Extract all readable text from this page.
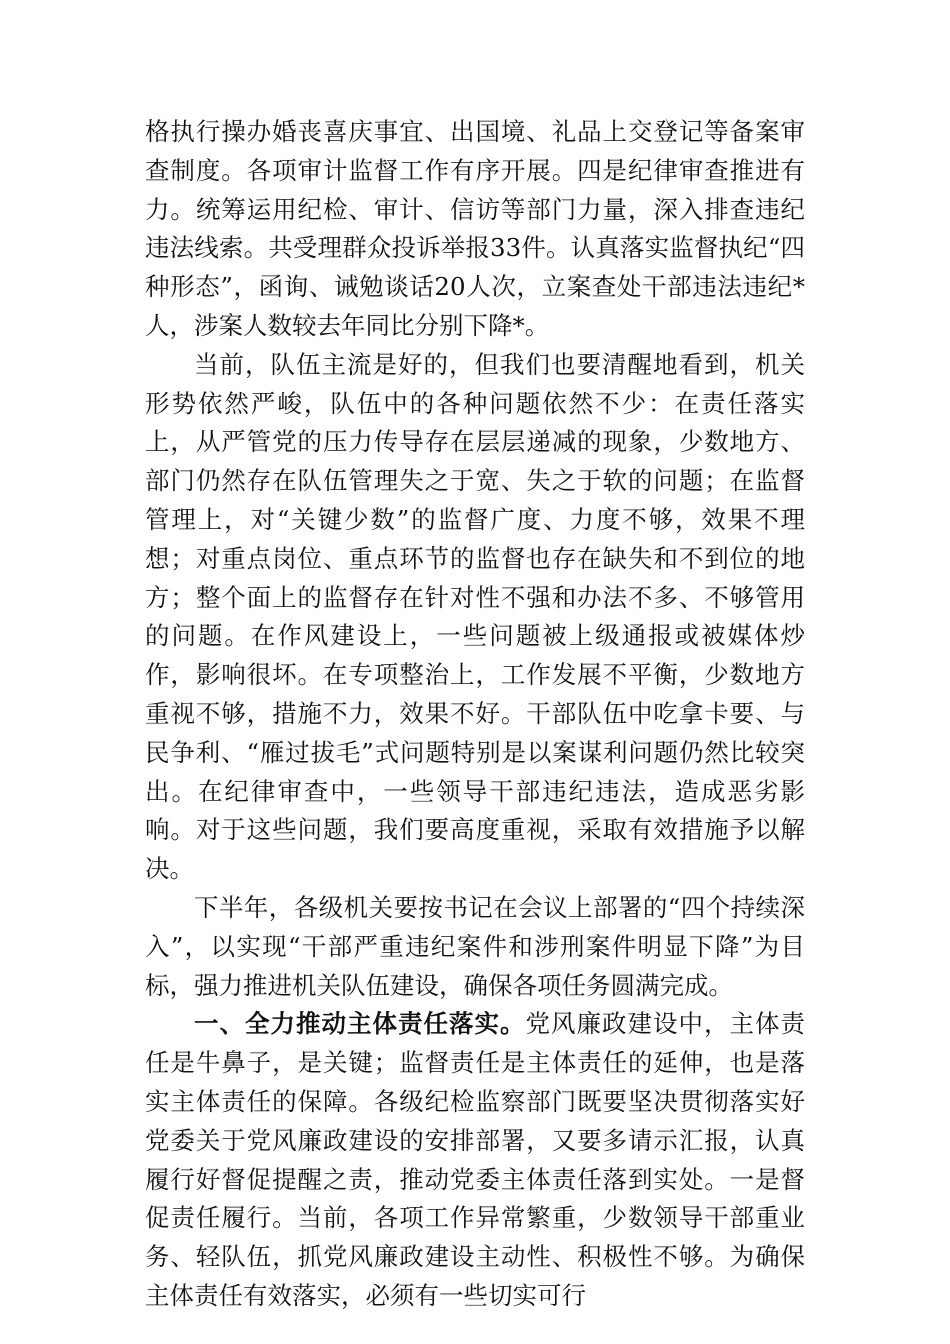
格执行操办婚丧喜庆事宜、出国境、礼品上交登记等备案审查制度。各项审计监督工作有序开展。四是纪律审查推进有力。统筹运用纪检、审计、信访等部门力量，深入排查违纪违法线索。共受理群众投诉举报33件。认真落实监督执纪“四种形态”，函询、诫勉谈话20人次，立案查处干部违法违纪*人，涉案人数较去年同比分别下降*。

当前，队伍主流是好的，但我们也要清醒地看到，机关形势依然严峻，队伍中的各种问题依然不少：在责任落实上，从严管党的压力传导存在层层递减的现象，少数地方、部门仍然存在队伍管理失之于宽、失之于软的问题；在监督管理上，对“关键少数”的监督广度、力度不够，效果不理想；对重点岗位、重点环节的监督也存在缺失和不到位的地方；整个面上的监督存在针对性不强和办法不多、不够管用的问题。在作风建设上，一些问题被上级通报或被媒体炒作，影响很坏。在专项整治上，工作发展不平衡，少数地方重视不够，措施不力，效果不好。干部队伍中吃拿卡要、与民争利、“雁过拔毛”式问题特别是以案谋利问题仍然比较突出。在纪律审查中，一些领导干部违纪违法，造成恶劣影响。对于这些问题，我们要高度重视，采取有效措施予以解决。

下半年，各级机关要按书记在会议上部署的“四个持续深入”，以实现“干部严重违纪案件和涉刑案件明显下降”为目标，强力推进机关队伍建设，确保各项任务圆满完成。

一、全力推动主体责任落实。党风廉政建设中，主体责任是牛鼻子，是关键；监督责任是主体责任的延伸，也是落实主体责任的保障。各级纪检监察部门既要坚决贯彻落实好党委关于党风廉政建设的安排部署，又要多请示汇报，认真履行好督促提醒之责，推动党委主体责任落到实处。一是督促责任履行。当前，各项工作异常繁重，少数领导干部重业务、轻队伍，抓党风廉政建设主动性、积极性不够。为确保主体责任有效落实，必须有一些切实可行
